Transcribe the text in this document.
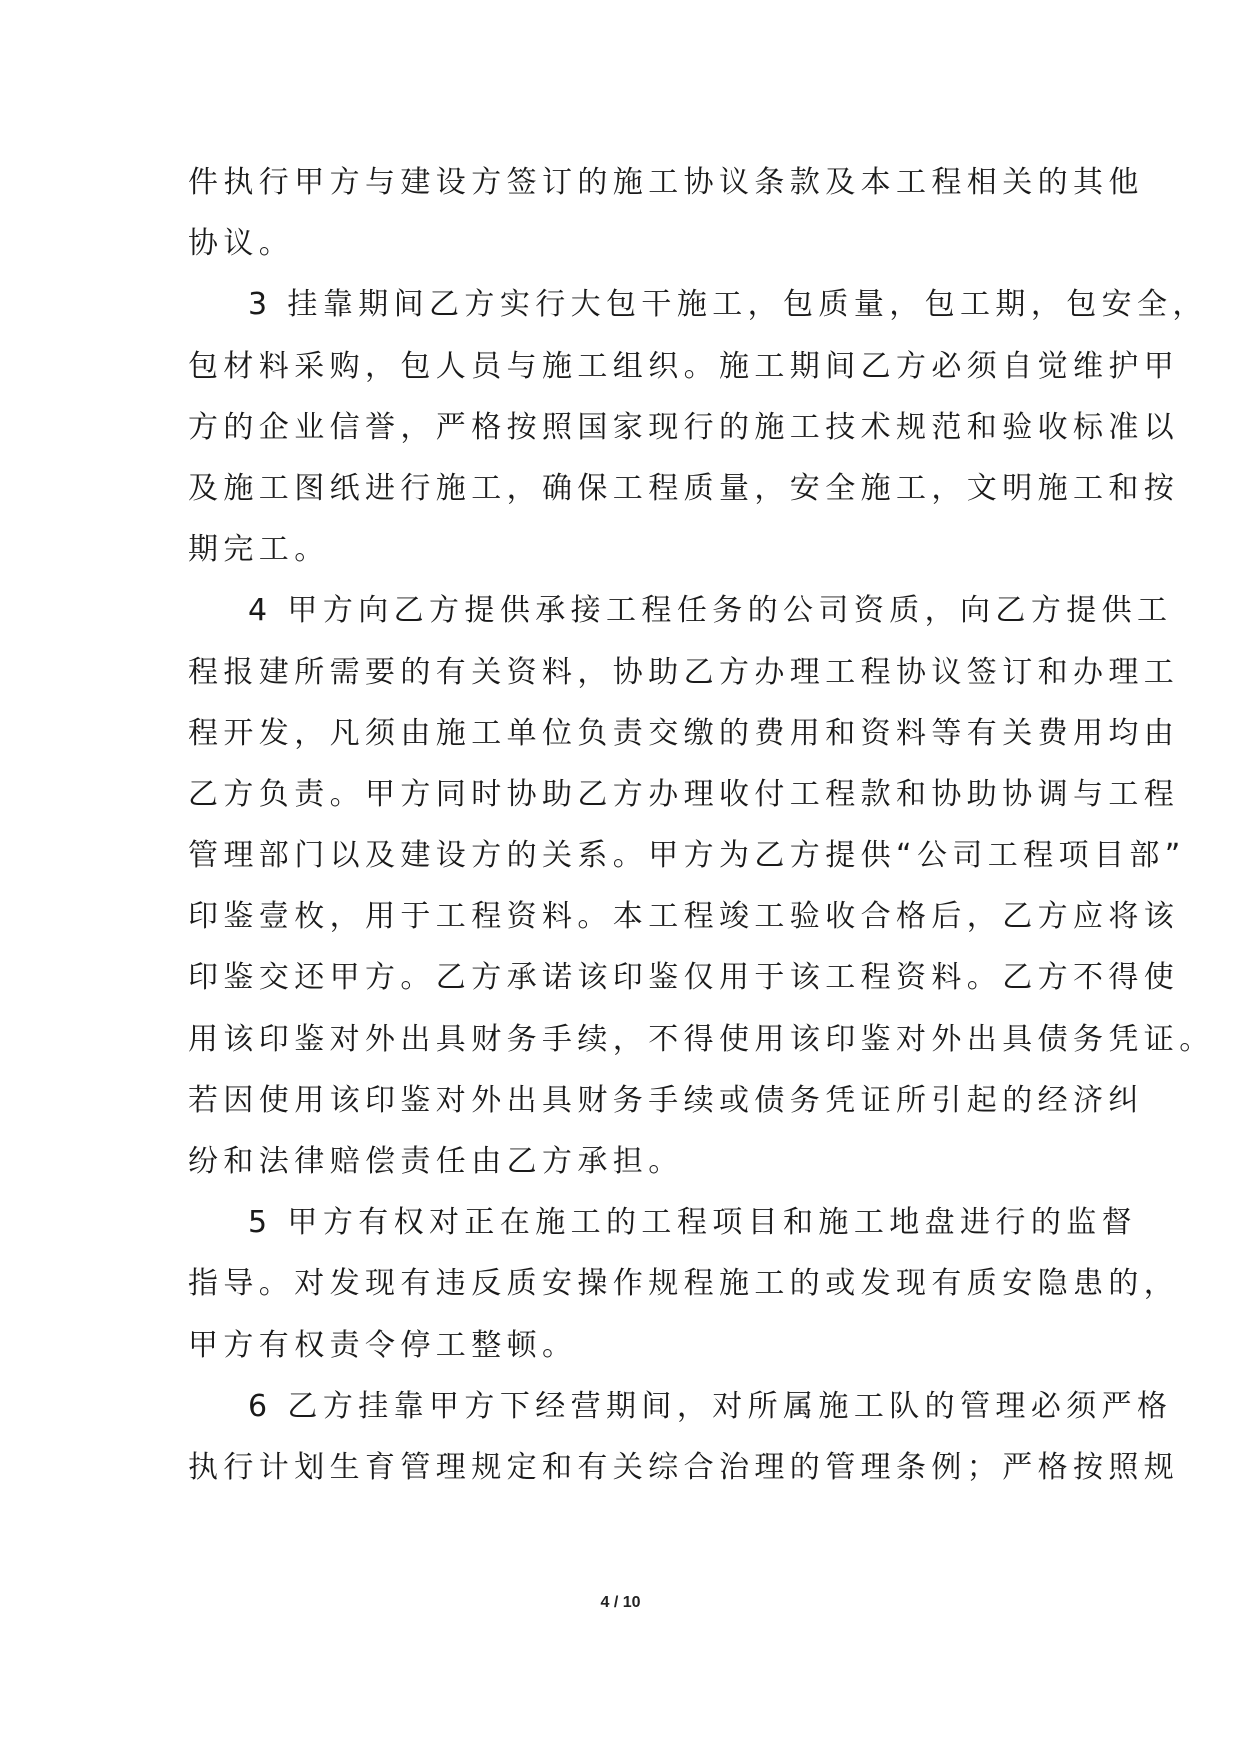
件执行甲方与建设方签订的施工协议条款及本工程相关的其他
协议。
3 挂靠期间乙方实行大包干施工，包质量，包工期，包安全，
包材料采购，包人员与施工组织。施工期间乙方必须自觉维护甲
方的企业信誉，严格按照国家现行的施工技术规范和验收标准以
及施工图纸进行施工，确保工程质量，安全施工，文明施工和按
期完工。
4 甲方向乙方提供承接工程任务的公司资质，向乙方提供工
程报建所需要的有关资料，协助乙方办理工程协议签订和办理工
程开发，凡须由施工单位负责交缴的费用和资料等有关费用均由
乙方负责。甲方同时协助乙方办理收付工程款和协助协调与工程
管理部门以及建设方的关系。甲方为乙方提供“公司工程项目部”
印鉴壹枚，用于工程资料。本工程竣工验收合格后，乙方应将该
印鉴交还甲方。乙方承诺该印鉴仅用于该工程资料。乙方不得使
用该印鉴对外出具财务手续，不得使用该印鉴对外出具债务凭证。
若因使用该印鉴对外出具财务手续或债务凭证所引起的经济纠
纷和法律赔偿责任由乙方承担。
5 甲方有权对正在施工的工程项目和施工地盘进行的监督
指导。对发现有违反质安操作规程施工的或发现有质安隐患的，
甲方有权责令停工整顿。
6 乙方挂靠甲方下经营期间，对所属施工队的管理必须严格
执行计划生育管理规定和有关综合治理的管理条例；严格按照规
4 / 10
